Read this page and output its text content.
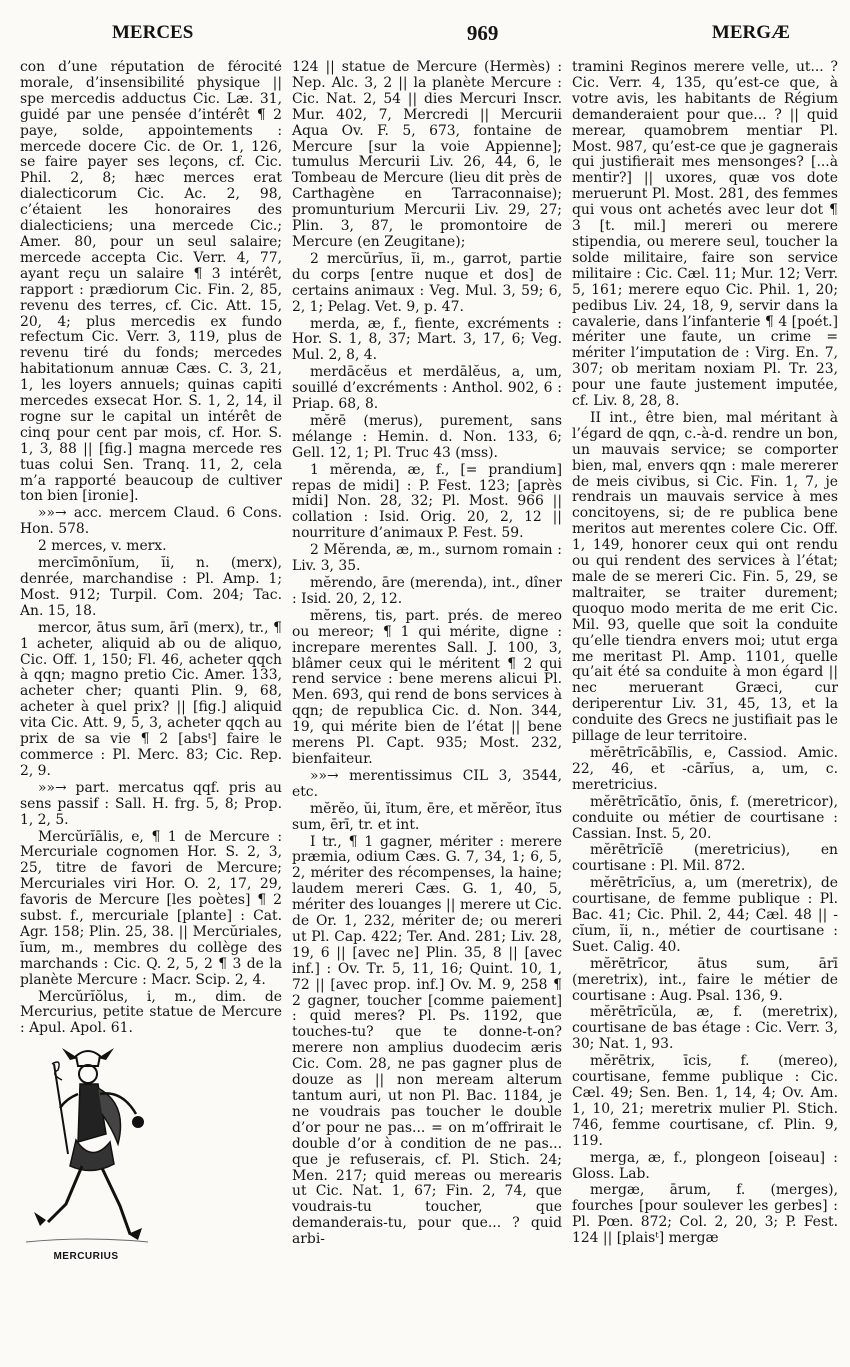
MERCES	969	MERGÆ

con d’une réputation de férocité morale, d’insensibilité physique || spe mercedis adductus Cic. Læ. 31, guidé par une pensée d’intérêt ¶ 2 paye, solde, appointements : mercede docere Cic. de Or. 1, 126, se faire payer ses leçons, cf. Cic. Phil. 2, 8; hæc merces erat dialecticorum Cic. Ac. 2, 98, c’étaient les honoraires des dialecticiens; una mercede Cic.; Amer. 80, pour un seul salaire; mercede accepta Cic. Verr. 4, 77, ayant reçu un salaire ¶ 3 intérêt, rapport : prædiorum Cic. Fin. 2, 85, revenu des terres, cf. Cic. Att. 15, 20, 4; plus mercedis ex fundo refectum Cic. Verr. 3, 119, plus de revenu tiré du fonds; mercedes habitationum annuæ Cæs. C. 3, 21, 1, les loyers annuels; quinas capiti mercedes exsecat Hor. S. 1, 2, 14, il rogne sur le capital un intérêt de cinq pour cent par mois, cf. Hor. S. 1, 3, 88 || [fig.] magna mercede res tuas colui Sen. Tranq. 11, 2, cela m’a rapporté beaucoup de cultiver ton bien [ironie].

»»→ acc. mercem Claud. 6 Cons. Hon. 578.

2 merces, v. merx.

mercīmōnĭum, ĭi, n. (merx), denrée, marchandise : Pl. Amp. 1; Most. 912; Turpil. Com. 204; Tac. An. 15, 18.

mercor, ātus sum, ārī (merx), tr., ¶ 1 acheter, aliquid ab ou de aliquo, Cic. Off. 1, 150; Fl. 46, acheter qqch à qqn; magno pretio Cic. Amer. 133, acheter cher; quanti Plin. 9, 68, acheter à quel prix? || [fig.] aliquid vita Cic. Att. 9, 5, 3, acheter qqch au prix de sa vie ¶ 2 [absᵗ] faire le commerce : Pl. Merc. 83; Cic. Rep. 2, 9.

»»→ part. mercatus qqf. pris au sens passif : Sall. H. frg. 5, 8; Prop. 1, 2, 5.

Mercŭrĭālis, e, ¶ 1 de Mercure : Mercuriale cognomen Hor. S. 2, 3, 25, titre de favori de Mercure; Mercuriales viri Hor. O. 2, 17, 29, favoris de Mercure [les poètes] ¶ 2 subst. f., mercuriale [plante] : Cat. Agr. 158; Plin. 25, 38. || Mercŭriales, ĭum, m., membres du collège des marchands : Cic. Q. 2, 5, 2 ¶ 3 de la planète Mercure : Macr. Scip. 2, 4.

Mercŭrĭŏlus, i, m., dim. de Mercurius, petite statue de Mercure : Apul. Apol. 61.

MERCURIUS

124 || statue de Mercure (Hermès) : Nep. Alc. 3, 2 || la planète Mercure : Cic. Nat. 2, 54 || dies Mercuri Inscr. Mur. 402, 7, Mercredi || Mercurii Aqua Ov. F. 5, 673, fontaine de Mercure [sur la voie Appienne]; tumulus Mercurii Liv. 26, 44, 6, le Tombeau de Mercure (lieu dit près de Carthagène en Tarraconnaise); promunturium Mercurii Liv. 29, 27; Plin. 3, 87, le promontoire de Mercure (en Zeugitane);

2 mercŭrĭus, ĭi, m., garrot, partie du corps [entre nuque et dos] de certains animaux : Veg. Mul. 3, 59; 6, 2, 1; Pelag. Vet. 9, p. 47.

merda, æ, f., fiente, excréments : Hor. S. 1, 8, 37; Mart. 3, 17, 6; Veg. Mul. 2, 8, 4.

merdācĕus et merdālĕus, a, um, souillé d’excréments : Anthol. 902, 6 : Priap. 68, 8.

mĕrē (merus), purement, sans mélange : Hemin. d. Non. 133, 6; Gell. 12, 1; Pl. Truc 43 (mss).

1 mĕrenda, æ, f., [= prandium] repas de midi] : P. Fest. 123; [après midi] Non. 28, 32; Pl. Most. 966 || collation : Isid. Orig. 20, 2, 12 || nourriture d’animaux P. Fest. 59.

2 Mĕrenda, æ, m., surnom romain : Liv. 3, 35.

mĕrendo, āre (merenda), int., dîner : Isid. 20, 2, 12.

mĕrens, tis, part. prés. de mereo ou mereor; ¶ 1 qui mérite, digne : increpare merentes Sall. J. 100, 3, blâmer ceux qui le méritent ¶ 2 qui rend service : bene merens alicui Pl. Men. 693, qui rend de bons services à qqn; de republica Cic. d. Non. 344, 19, qui mérite bien de l’état || bene merens Pl. Capt. 935; Most. 232, bienfaiteur.

»»→ merentissimus CIL 3, 3544, etc.

mĕrĕo, ŭi, ĭtum, ēre, et mĕrĕor, ĭtus sum, ērī, tr. et int.

I tr., ¶ 1 gagner, mériter : merere præmia, odium Cæs. G. 7, 34, 1; 6, 5, 2, mériter des récompenses, la haine; laudem mereri Cæs. G. 1, 40, 5, mériter des louanges || merere ut Cic. de Or. 1, 232, mériter de; ou mereri ut Pl. Cap. 422; Ter. And. 281; Liv. 28, 19, 6 || [avec ne] Plin. 35, 8 || [avec inf.] : Ov. Tr. 5, 11, 16; Quint. 10, 1, 72 || [avec prop. inf.] Ov. M. 9, 258 ¶ 2 gagner, toucher [comme paiement] : quid meres? Pl. Ps. 1192, que touches-tu? que te donne-t-on? merere non amplius duodecim æris Cic. Com. 28, ne pas gagner plus de douze as || non meream alterum tantum auri, ut non Pl. Bac. 1184, je ne voudrais pas toucher le double d’or pour ne pas... = on m’offrirait le double d’or à condition de ne pas... que je refuserais, cf. Pl. Stich. 24; Men. 217; quid mereas ou merearis ut Cic. Nat. 1, 67; Fin. 2, 74, que voudrais-tu toucher, que demanderais-tu, pour que... ? quid arbi-

tramini Reginos merere velle, ut... ? Cic. Verr. 4, 135, qu’est-ce que, à votre avis, les habitants de Régium demanderaient pour que... ? || quid merear, quamobrem mentiar Pl. Most. 987, qu’est-ce que je gagnerais qui justifierait mes mensonges? [...à mentir?] || uxores, quæ vos dote meruerunt Pl. Most. 281, des femmes qui vous ont achetés avec leur dot ¶ 3 [t. mil.] mereri ou merere stipendia, ou merere seul, toucher la solde militaire, faire son service militaire : Cic. Cæl. 11; Mur. 12; Verr. 5, 161; merere equo Cic. Phil. 1, 20; pedibus Liv. 24, 18, 9, servir dans la cavalerie, dans l’infanterie ¶ 4 [poét.] mériter une faute, un crime = mériter l’imputation de : Virg. En. 7, 307; ob meritam noxiam Pl. Tr. 23, pour une faute justement imputée, cf. Liv. 8, 28, 8.

II int., être bien, mal méritant à l’égard de qqn, c.-à-d. rendre un bon, un mauvais service; se comporter bien, mal, envers qqn : male mererer de meis civibus, si Cic. Fin. 1, 7, je rendrais un mauvais service à mes concitoyens, si; de re publica bene meritos aut merentes colere Cic. Off. 1, 149, honorer ceux qui ont rendu ou qui rendent des services à l’état; male de se mereri Cic. Fin. 5, 29, se maltraiter, se traiter durement; quoquo modo merita de me erit Cic. Mil. 93, quelle que soit la conduite qu’elle tiendra envers moi; utut erga me meritast Pl. Amp. 1101, quelle qu’ait été sa conduite à mon égard || nec meruerant Græci, cur deriperentur Liv. 31, 45, 13, et la conduite des Grecs ne justifiait pas le pillage de leur territoire.

mĕrētrīcābĭlis, e, Cassiod. Amic. 22, 46, et -cārĭus, a, um, c. meretricius.

mĕrētrīcātĭo, ōnis, f. (meretricor), conduite ou métier de courtisane : Cassian. Inst. 5, 20.

mĕrētrīcĭē (meretricius), en courtisane : Pl. Mil. 872.

mĕrētrīcĭus, a, um (meretrix), de courtisane, de femme publique : Pl. Bac. 41; Cic. Phil. 2, 44; Cæl. 48 || -cĭum, ĭi, n., métier de courtisane : Suet. Calig. 40.

mĕrētrīcor, ātus sum, ārī (meretrix), int., faire le métier de courtisane : Aug. Psal. 136, 9.

mĕrētrīcŭla, æ, f. (meretrix), courtisane de bas étage : Cic. Verr. 3, 30; Nat. 1, 93.

mĕrētrix, īcis, f. (mereo), courtisane, femme publique : Cic. Cæl. 49; Sen. Ben. 1, 14, 4; Ov. Am. 1, 10, 21; meretrix mulier Pl. Stich. 746, femme courtisane, cf. Plin. 9, 119.

merga, æ, f., plongeon [oiseau] : Gloss. Lab.

mergæ, ārum, f. (merges), fourches [pour soulever les gerbes] : Pl. Pœn. 872; Col. 2, 20, 3; P. Fest. 124 || [plaisᵗ] mergæ
